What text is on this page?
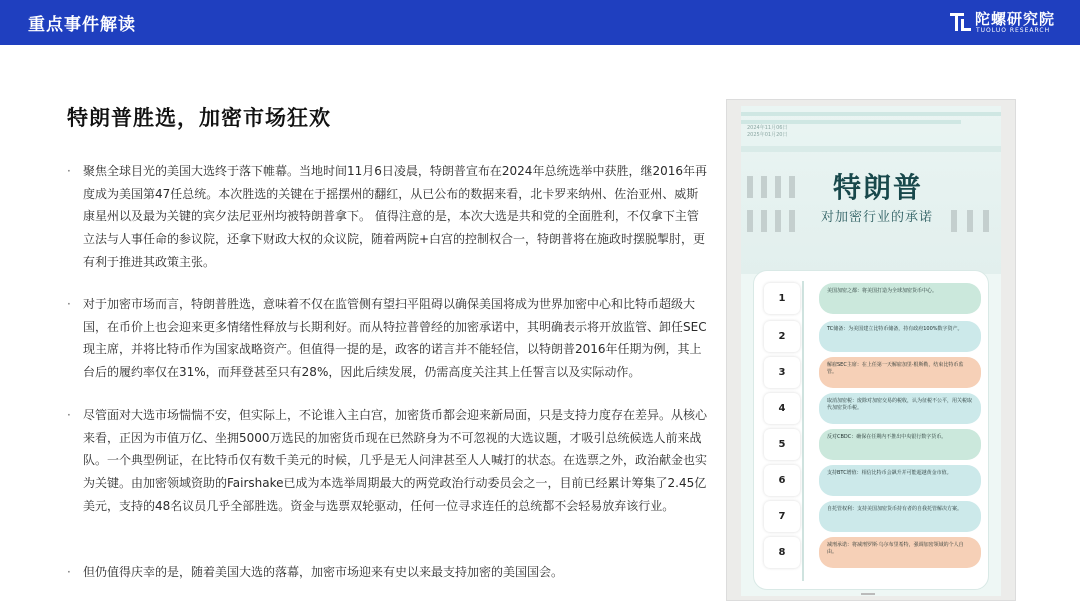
重点事件解读	陀螺研究院
TUOLUO RESEARCH
特朗普胜选，加密市场狂欢
·	聚焦全球目光的美国大选终于落下帷幕。当地时间11月6日凌晨，特朗普宣布在2024年总统选举中获胜，继2016年再度成为美国第47任总统。本次胜选的关键在于摇摆州的翻红，从已公布的数据来看，北卡罗来纳州、佐治亚州、威斯康星州以及最为关键的宾夕法尼亚州均被特朗普拿下。 值得注意的是，本次大选是共和党的全面胜利，不仅拿下主管立法与人事任命的参议院，还拿下财政大权的众议院，随着两院+白宫的控制权合一，特朗普将在施政时摆脱掣肘，更有利于推进其政策主张。
·	对于加密市场而言，特朗普胜选，意味着不仅在监管侧有望扫平阻碍以确保美国将成为世界加密中心和比特币超级大国，在币价上也会迎来更多情绪性释放与长期利好。而从特拉普曾经的加密承诺中，其明确表示将开放监管、卸任SEC现主席，并将比特币作为国家战略资产。但值得一提的是，政客的诺言并不能轻信，以特朗普2016年任期为例，其上台后的履约率仅在31%，而拜登甚至只有28%，因此后续发展，仍需高度关注其上任誓言以及实际动作。
·	尽管面对大选市场惴惴不安，但实际上，不论谁入主白宫，加密货币都会迎来新局面，只是支持力度存在差异。从核心来看，正因为市值万亿、坐拥5000万选民的加密货币现在已然跻身为不可忽视的大选议题，才吸引总统候选人前来战队。一个典型例证，在比特币仅有数千美元的时候，几乎是无人问津甚至人人喊打的状态。在选票之外，政治献金也实为关键。由加密领域资助的Fairshake已成为本选举周期最大的两党政治行动委员会之一，目前已经累计筹集了2.45亿美元，支持的48名议员几乎全部胜选。资金与选票双轮驱动，任何一位寻求连任的总统都不会轻易放弃该行业。
·	但仍值得庆幸的是，随着美国大选的落幕，加密市场迎来有史以来最支持加密的美国国会。
2024年11月06日
2025年01月20日
特朗普
对加密行业的承诺
1
美国加密之都：将美国打造为全球加密货币中心。
2
TC储备：为美国建立比特币储备，持有政府100%数字资产。
3
解雇SEC主席：在上任第一天解雇加里·根斯勒，结束比特币监管。
4
取消加密税：废除对加密交易的税收，认为征税不公平，用关税取代加密货币税。
5
反对CBDC：确保在任期内不推出中央银行数字货币。
6
支持BTC增值：相信比特币会飙升并可能超越黄金市值。
7
自托管权利：支持美国加密货币持有者的自我托管解决方案。
8
减刑承诺：将减刑罗斯·乌尔布里希特，强调加密领域的个人自由。
